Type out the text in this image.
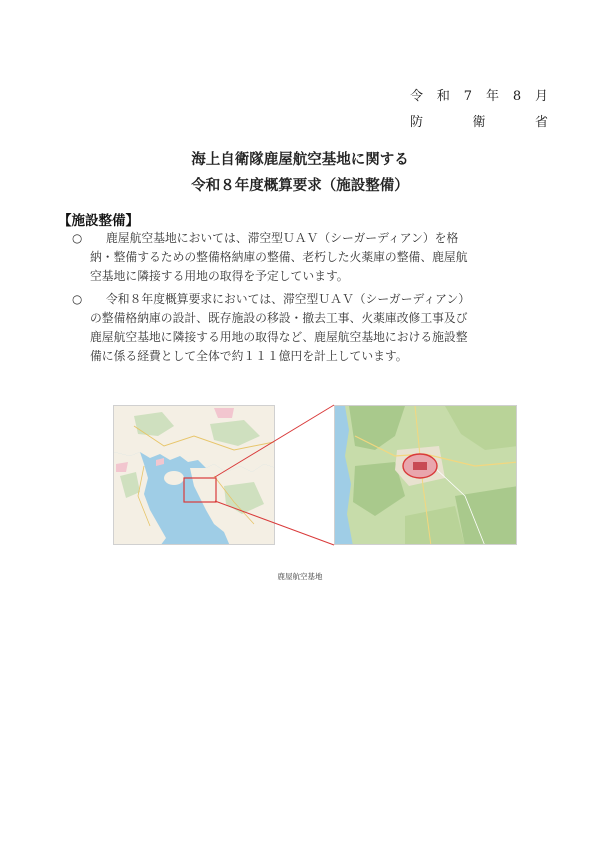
令 和 7 年 8 月
防	衛	省
海上自衛隊鹿屋航空基地に関する
令和８年度概算要求（施設整備）
【施設整備】
○	鹿屋航空基地においては、滞空型ＵＡＶ（シーガーディアン）を格
納・整備するための整備格納庫の整備、老朽した火薬庫の整備、鹿屋航
空基地に隣接する用地の取得を予定しています。
○	令和８年度概算要求においては、滞空型ＵＡＶ（シーガーディアン）
の整備格納庫の設計、既存施設の移設・撤去工事、火薬庫改修工事及び
鹿屋航空基地に隣接する用地の取得など、鹿屋航空基地における施設整
備に係る経費として全体で約１１１億円を計上しています。
鹿屋航空基地
